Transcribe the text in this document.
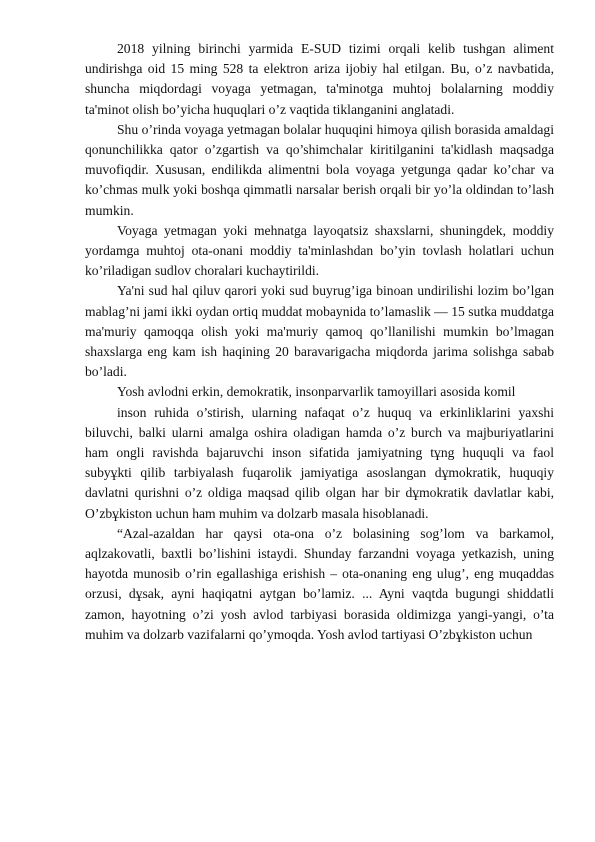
2018 yilning birinchi yarmida E-SUD tizimi orqali kelib tushgan aliment undirishga oid 15 ming 528 ta elektron ariza ijobiy hal etilgan. Bu, o’z navbatida, shuncha miqdordagi voyaga yetmagan, ta'minotga muhtoj bolalarning moddiy ta'minot olish bo’yicha huquqlari o’z vaqtida tiklanganini anglatadi.

Shu o’rinda voyaga yetmagan bolalar huquqini himoya qilish borasida amaldagi qonunchilikka qator o’zgartish va qo’shimchalar kiritilganini ta'kidlash maqsadga muvofiqdir. Xususan, endilikda alimentni bola voyaga yetgunga qadar ko’char va ko’chmas mulk yoki boshqa qimmatli narsalar berish orqali bir yo’la oldindan to’lash mumkin.

Voyaga yetmagan yoki mehnatga layoqatsiz shaxslarni, shuningdek, moddiy yordamga muhtoj ota-onani moddiy ta'minlashdan bo’yin tovlash holatlari uchun ko’riladigan sudlov choralari kuchaytirildi.

Ya'ni sud hal qiluv qarori yoki sud buyrug’iga binoan undirilishi lozim bo’lgan mablag’ni jami ikki oydan ortiq muddat mobaynida to’lamaslik — 15 sutka muddatga ma'muriy qamoqqa olish yoki ma'muriy qamoq qo’llanilishi mumkin bo’lmagan shaxslarga eng kam ish haqining 20 baravarigacha miqdorda jarima solishga sabab bo’ladi.

Yosh avlodni erkin, demokratik, insonparvarlik tamoyillari asosida komil

inson ruhida o’stirish, ularning nafaqat o’z huquq va erkinliklarini yaxshi biluvchi, balki ularni amalga oshira oladigan hamda o’z burch va majburiyatlarini ham ongli ravishda bajaruvchi inson sifatida jamiyatning tұng huquqli va faol subyұkti qilib tarbiyalash fuqarolik jamiyatiga asoslangan dұmokratik, huquqiy davlatni qurishni o’z oldiga maqsad qilib olgan har bir dұmokratik davlatlar kabi, O’zbұkiston uchun ham muhim va dolzarb masala hisoblanadi.

“Azal-azaldan har qaysi ota-ona o’z bolasining sog’lom va barkamol, aqlzakovatli, baxtli bo’lishini istaydi. Shunday farzandni voyaga yetkazish, uning hayotda munosib o’rin egallashiga erishish – ota-onaning eng ulug’, eng muqaddas orzusi, dұsak, ayni haqiqatni aytgan bo’lamiz. ... Ayni vaqtda bugungi shiddatli zamon, hayotning o’zi yosh avlod tarbiyasi borasida oldimizga yangi-yangi, o’ta muhim va dolzarb vazifalarni qo’ymoqda. Yosh avlod tartiyasi O’zbұkiston uchun
